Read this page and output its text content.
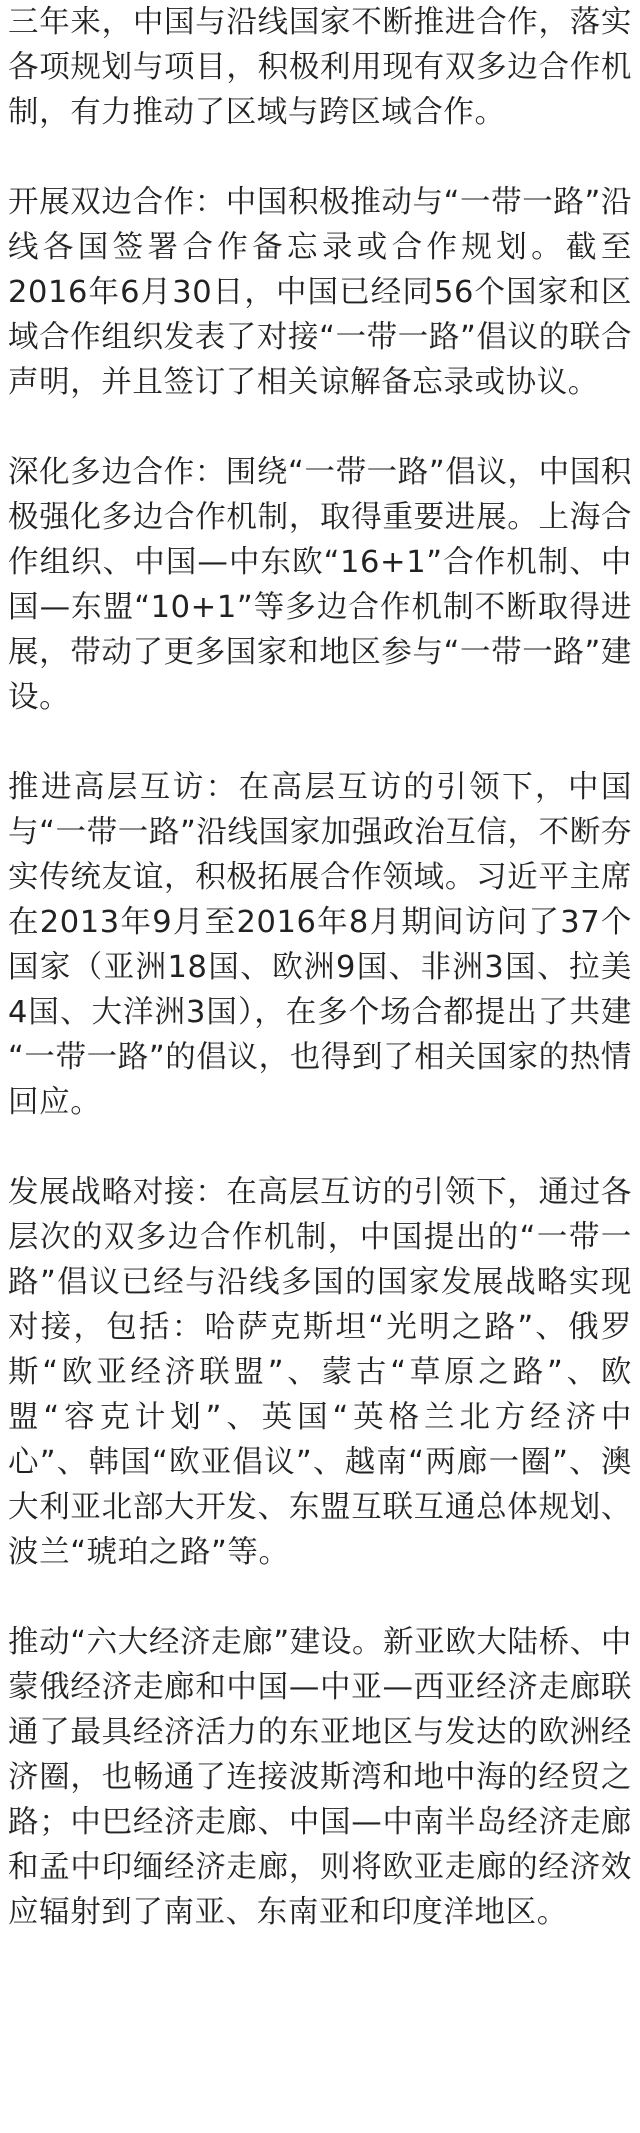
三年来，中国与沿线国家不断推进合作，落实各项规划与项目，积极利用现有双多边合作机制，有力推动了区域与跨区域合作。

开展双边合作：中国积极推动与“一带一路”沿线各国签署合作备忘录或合作规划。截至2016年6月30日，中国已经同56个国家和区域合作组织发表了对接“一带一路”倡议的联合声明，并且签订了相关谅解备忘录或协议。

深化多边合作：围绕“一带一路”倡议，中国积极强化多边合作机制，取得重要进展。上海合作组织、中国—中东欧“16+1”合作机制、中国—东盟“10+1”等多边合作机制不断取得进展，带动了更多国家和地区参与“一带一路”建设。

推进高层互访：在高层互访的引领下，中国与“一带一路”沿线国家加强政治互信，不断夯实传统友谊，积极拓展合作领域。习近平主席在2013年9月至2016年8月期间访问了37个国家（亚洲18国、欧洲9国、非洲3国、拉美4国、大洋洲3国），在多个场合都提出了共建 “一带一路”的倡议，也得到了相关国家的热情回应。

发展战略对接：在高层互访的引领下，通过各层次的双多边合作机制，中国提出的“一带一路”倡议已经与沿线多国的国家发展战略实现对接，包括：哈萨克斯坦“光明之路”、俄罗斯“欧亚经济联盟”、蒙古“草原之路”、欧盟“容克计划”、英国“英格兰北方经济中心”、韩国“欧亚倡议”、越南“两廊一圈”、澳大利亚北部大开发、东盟互联互通总体规划、波兰“琥珀之路”等。

推动“六大经济走廊”建设。新亚欧大陆桥、中蒙俄经济走廊和中国—中亚—西亚经济走廊联通了最具经济活力的东亚地区与发达的欧洲经济圈，也畅通了连接波斯湾和地中海的经贸之路；中巴经济走廊、中国—中南半岛经济走廊和孟中印缅经济走廊，则将欧亚走廊的经济效应辐射到了南亚、东南亚和印度洋地区。
